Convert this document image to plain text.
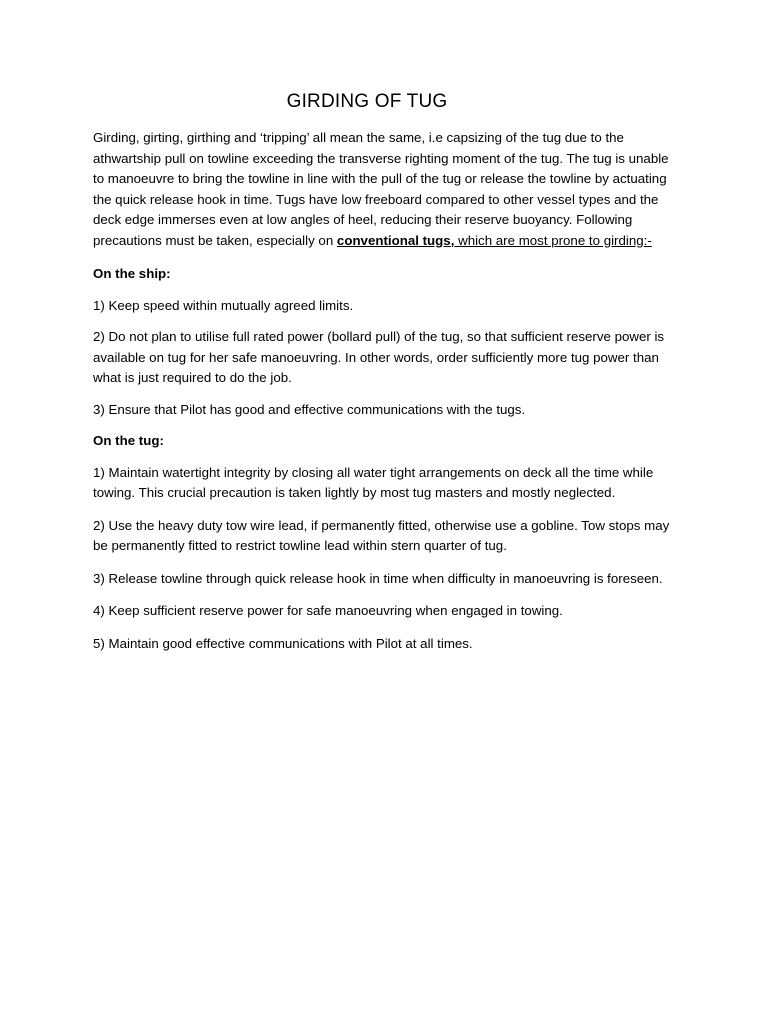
GIRDING OF TUG

Girding, girting, girthing and ‘tripping’ all mean the same, i.e capsizing of the tug due to the athwartship pull on towline exceeding the transverse righting moment of the tug. The tug is unable to manoeuvre to bring the towline in line with the pull of the tug or release the towline by actuating the quick release hook in time. Tugs have low freeboard compared to other vessel types and the deck edge immerses even at low angles of heel, reducing their reserve buoyancy. Following precautions must be taken, especially on conventional tugs, which are most prone to girding:-

On the ship:

1) Keep speed within mutually agreed limits.

2) Do not plan to utilise full rated power (bollard pull) of the tug, so that sufficient reserve power is available on tug for her safe manoeuvring. In other words, order sufficiently more tug power than what is just required to do the job.

3) Ensure that Pilot has good and effective communications with the tugs.

On the tug:

1) Maintain watertight integrity by closing all water tight arrangements on deck all the time while towing. This crucial precaution is taken lightly by most tug masters and mostly neglected.

2) Use the heavy duty tow wire lead, if permanently fitted, otherwise use a gobline. Tow stops may be permanently fitted to restrict towline lead within stern quarter of tug.

3) Release towline through quick release hook in time when difficulty in manoeuvring is foreseen.

4) Keep sufficient reserve power for safe manoeuvring when engaged in towing.

5) Maintain good effective communications with Pilot at all times.
